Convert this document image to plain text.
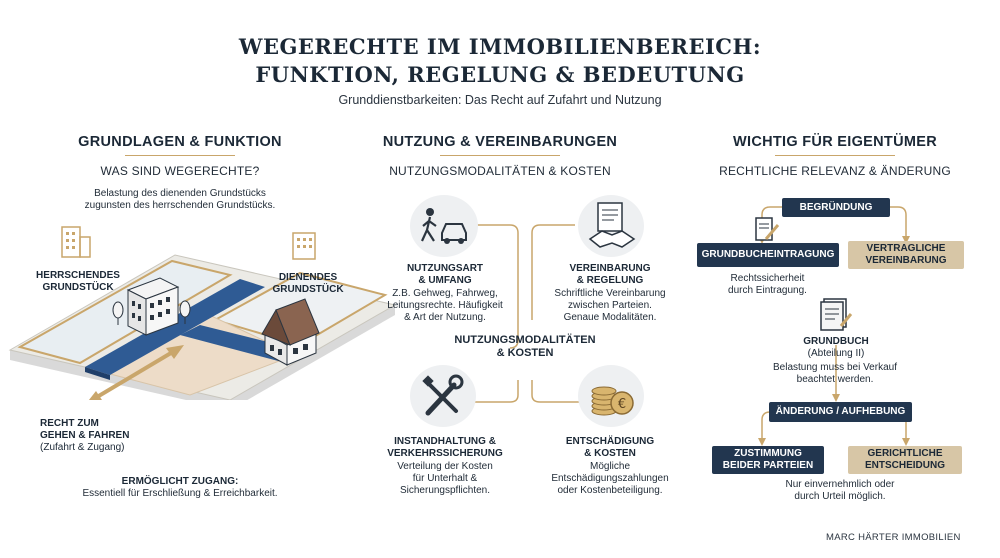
WEGERECHTE IM IMMOBILIENBEREICH:
FUNKTION, REGELUNG & BEDEUTUNG
Grunddienstbarkeiten: Das Recht auf Zufahrt und Nutzung
GRUNDLAGEN & FUNKTION
WAS SIND WEGERECHTE?
Belastung des dienenden Grundstücks
zugunsten des herrschenden Grundstücks.
HERRSCHENDES
GRUNDSTÜCK
DIENENDES
GRUNDSTÜCK
RECHT ZUM
GEHEN & FAHREN
(Zufahrt & Zugang)
ERMÖGLICHT ZUGANG:
Essentiell für Erschließung & Erreichbarkeit.
NUTZUNG & VEREINBARUNGEN
NUTZUNGSMODALITÄTEN & KOSTEN
€
NUTZUNGSART
& UMFANG
Z.B. Gehweg, Fahrweg,
Leitungsrechte. Häufigkeit
& Art der Nutzung.
VEREINBARUNG
& REGELUNG
Schriftliche Vereinbarung
zwischen Parteien.
Genaue Modalitäten.
NUTZUNGSMODALITÄTEN
& KOSTEN
INSTANDHALTUNG &
VERKEHRSSICHERUNG
Verteilung der Kosten
für Unterhalt &
Sicherungspflichten.
ENTSCHÄDIGUNG
& KOSTEN
Mögliche
Entschädigungszahlungen
oder Kostenbeteiligung.
WICHTIG FÜR EIGENTÜMER
RECHTLICHE RELEVANZ & ÄNDERUNG
BEGRÜNDUNG
GRUNDBUCHEINTRAGUNG
VERTRAGLICHE
VEREINBARUNG
Rechtssicherheit
durch Eintragung.
GRUNDBUCH
(Abteilung II)
Belastung muss bei Verkauf
beachtet werden.
ÄNDERUNG / AUFHEBUNG
ZUSTIMMUNG
BEIDER PARTEIEN
GERICHTLICHE
ENTSCHEIDUNG
Nur einvernehmlich oder
durch Urteil möglich.
MARC HÄRTER IMMOBILIEN
